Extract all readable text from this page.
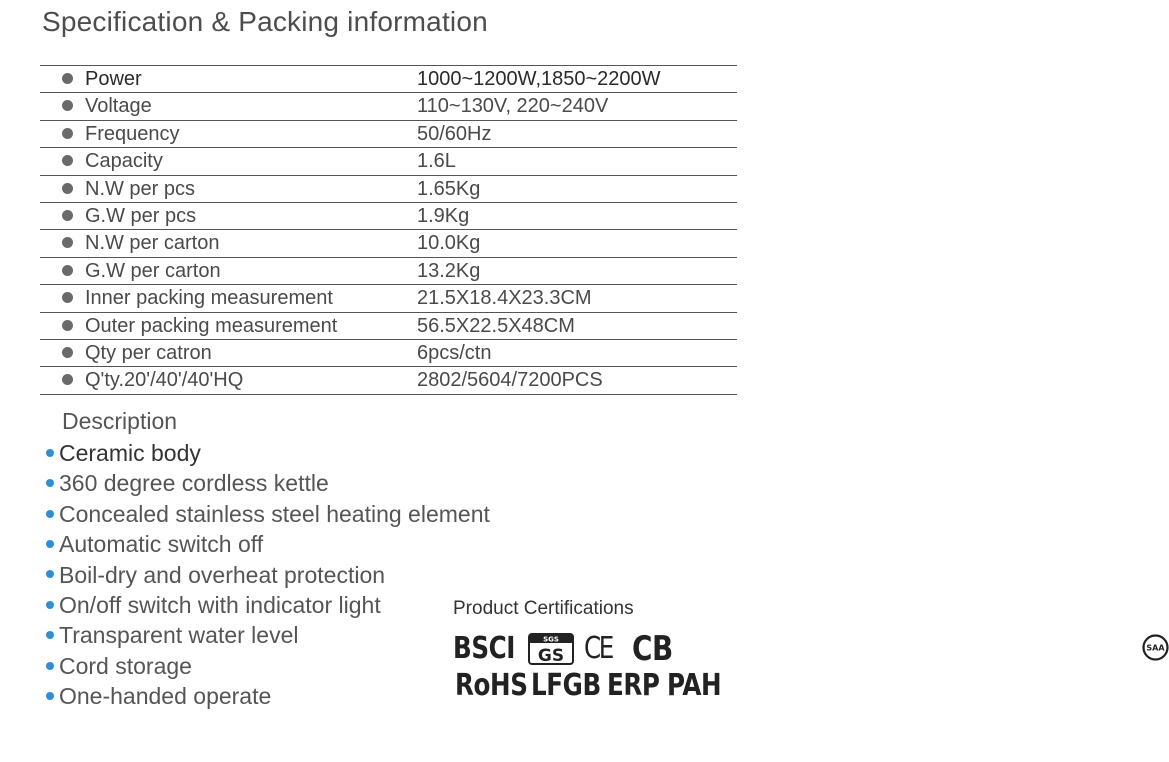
Specification & Packing information
Power	1000~1200W,1850~2200W
Voltage	110~130V, 220~240V
Frequency	50/60Hz
Capacity	1.6L
N.W per pcs	1.65Kg
G.W per pcs	1.9Kg
N.W per carton	10.0Kg
G.W per carton	13.2Kg
Inner packing measurement	21.5X18.4X23.3CM
Outer packing measurement	56.5X22.5X48CM
Qty per catron	6pcs/ctn
Q'ty.20'/40'/40'HQ	2802/5604/7200PCS
Description
Ceramic body
360 degree cordless kettle
Concealed stainless steel heating element
Automatic switch off
Boil-dry and overheat protection
On/off switch with indicator light
Transparent water level
Cord storage
One-handed operate
Product Certifications
BSCI	SGS
GS CE CB	SAA
RoHS LFGB ERP PAH
